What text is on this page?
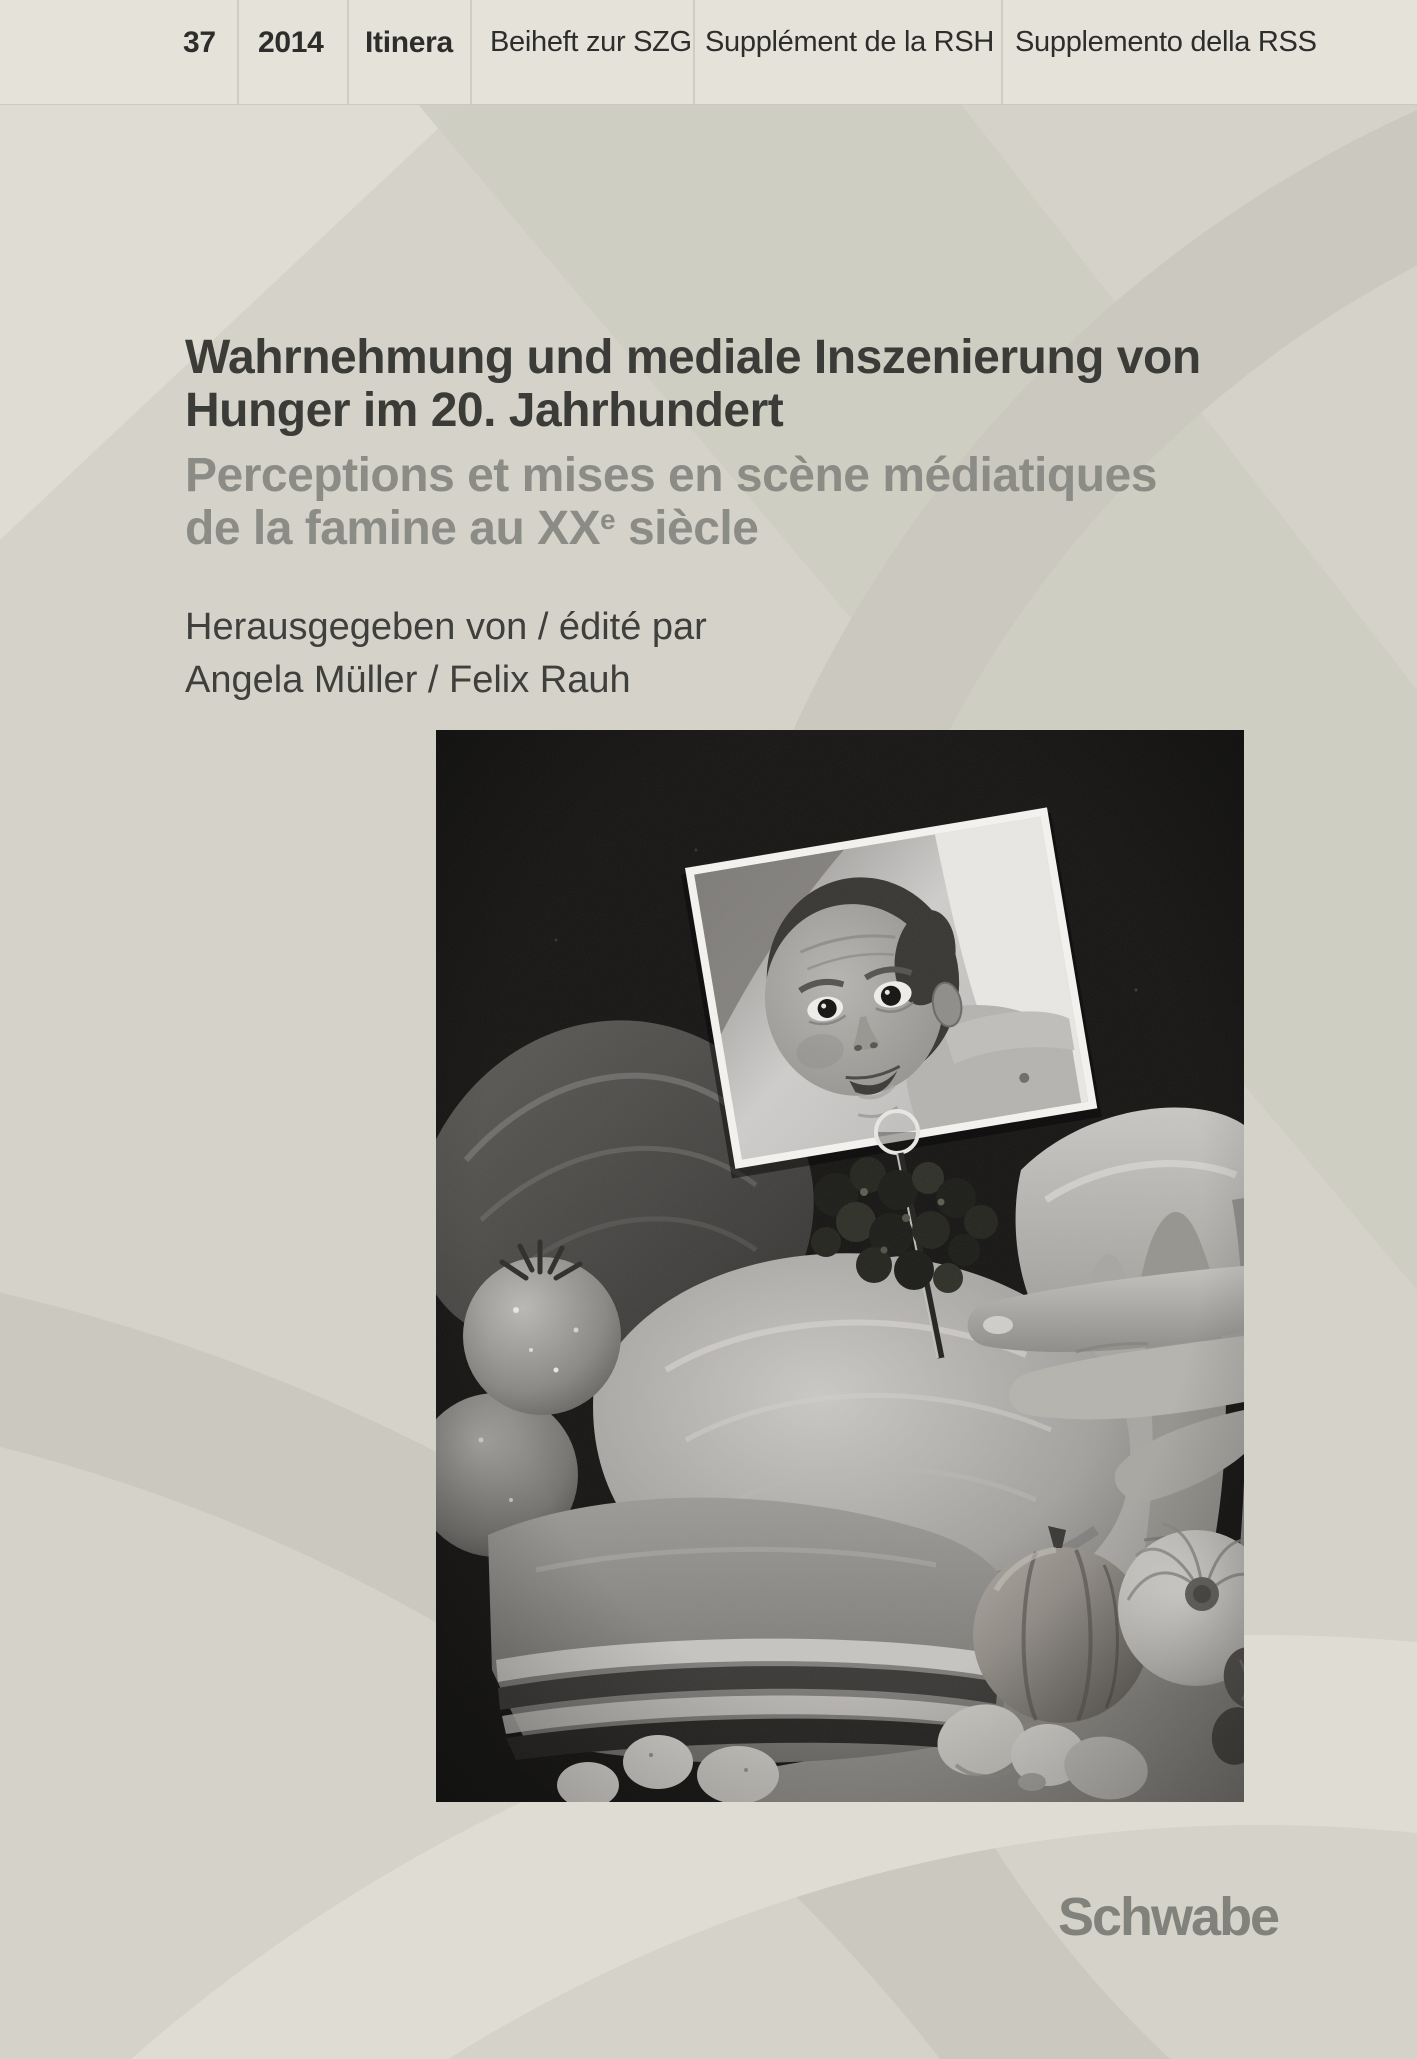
37 2014 Itinera Beiheft zur SZG Supplément de la RSH Supplemento della RSS
Wahrnehmung und mediale Inszenierung von
Hunger im 20. Jahrhundert
Perceptions et mises en scène médiatiques
de la famine au XXe siècle

Herausgegeben von / édité par
Angela Müller / Felix Rauh

Schwabe
